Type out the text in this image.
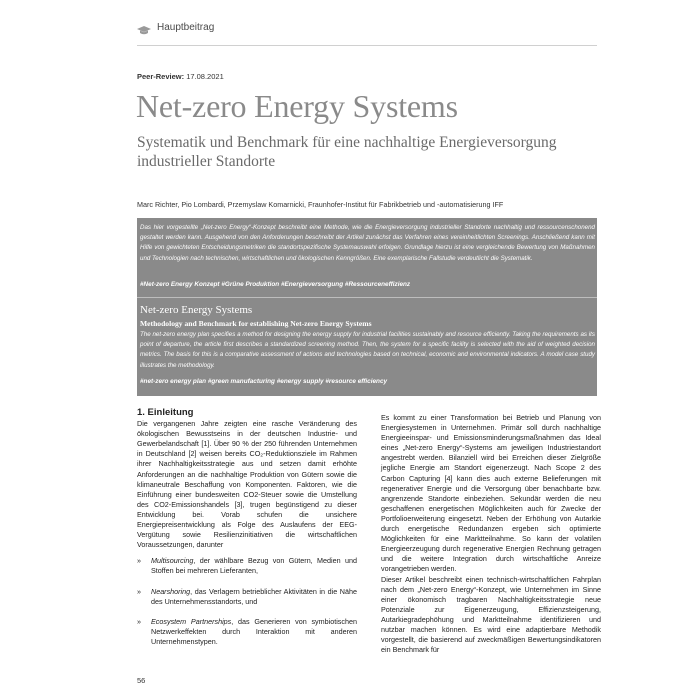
Hauptbeitrag
Peer-Review: 17.08.2021
Net-zero Energy Systems
Systematik und Benchmark für eine nachhaltige Energieversorgung industrieller Standorte
Marc Richter, Pio Lombardi, Przemyslaw Komarnicki, Fraunhofer-Institut für Fabrikbetrieb und -automatisierung IFF
Das hier vorgestellte „Net-zero Energy“-Konzept beschreibt eine Methode, wie die Energieversorgung industrieller Standorte nachhaltig und ressourcenschonend gestaltet werden kann. Ausgehend von den Anforderungen beschreibt der Artikel zunächst das Verfahren eines vereinheitlichten Screenings. Anschließend kann mit Hilfe von gewichteten Entscheidungsmetriken die standortspezifische Systemauswahl erfolgen. Grundlage hierzu ist eine vergleichende Bewertung von Maßnahmen und Technologien nach technischen, wirtschaftlichen und ökologischen Kenngrößen. Eine exemplarische Fallstudie verdeutlicht die Systematik.
#Net-zero Energy Konzept #Grüne Produktion #Energieversorgung #Ressourceneffizienz
Net-zero Energy Systems
Methodology and Benchmark for establishing Net-zero Energy Systems
The net-zero energy plan specifies a method for designing the energy supply for industrial facilities sustainably and resource efficiently. Taking the requirements as its point of departure, the article first describes a standardized screening method. Then, the system for a specific facility is selected with the aid of weighted decision metrics. The basis for this is a comparative assessment of actions and technologies based on technical, economic and environmental indicators. A model case study illustrates the methodology.
#net-zero energy plan #green manufacturing #energy supply #resource efficiency
1. Einleitung

Die vergangenen Jahre zeigten eine rasche Veränderung des ökologischen Bewusstseins in der deutschen Industrie- und Gewerbelandschaft [1]. Über 90 % der 250 führenden Unternehmen in Deutschland [2] weisen bereits CO₂-Reduktionsziele im Rahmen ihrer Nachhaltigkeitsstrategie aus und setzen damit erhöhte Anforderungen an die nachhaltige Produktion von Gütern sowie die klimaneutrale Beschaffung von Komponenten. Faktoren, wie die Einführung einer bundesweiten CO2-Steuer sowie die Umstellung des CO2-Emissionshandels [3], trugen begünstigend zu dieser Entwicklung bei. Vorab schufen die unsichere Energiepreisentwicklung als Folge des Auslaufens der EEG-Vergütung sowie Resilienzinitiativen die wirtschaftlichen Voraussetzungen, darunter

» Multisourcing, der wählbare Bezug von Gütern, Medien und Stoffen bei mehreren Lieferanten,
» Nearshoring, das Verlagern betrieblicher Aktivitäten in die Nähe des Unternehmensstandorts, und
» Ecosystem Partnerships, das Generieren von symbiotischen Netzwerkeffekten durch Interaktion mit anderen Unternehmenstypen.

Es kommt zu einer Transformation bei Betrieb und Planung von Energiesystemen in Unternehmen. Primär soll durch nachhaltige Energieeinspar- und Emissionsminderungsmaßnahmen das Ideal eines „Net-zero Energy“-Systems am jeweiligen Industriestandort angestrebt werden. Bilanziell wird bei Erreichen dieser Zielgröße jegliche Energie am Standort eigenerzeugt. Nach Scope 2 des Carbon Capturing [4] kann dies auch externe Belieferungen mit regenerativer Energie und die Versorgung über benachbarte bzw. angrenzende Standorte einbeziehen. Sekundär werden die neu geschaffenen energetischen Möglichkeiten auch für Zwecke der Portfolioerweiterung eingesetzt. Neben der Erhöhung von Autarkie durch energetische Redundanzen ergeben sich optimierte Möglichkeiten für eine Marktteilnahme. So kann der volatilen Energieerzeugung durch regenerative Energien Rechnung getragen und die weitere Integration durch wirtschaftliche Anreize vorangetrieben werden.

Dieser Artikel beschreibt einen technisch-wirtschaftlichen Fahrplan nach dem „Net-zero Energy“-Konzept, wie Unternehmen im Sinne einer ökonomisch tragbaren Nachhaltigkeitsstrategie neue Potenziale zur Eigenerzeugung, Effizienzsteigerung, Autarkiegradерhöhung und Marktteilnahme identifizieren und nutzbar machen können. Es wird eine adaptierbare Methodik vorgestellt, die basierend auf zweckmäßigen Bewertungsindikatoren ein Benchmark für

56
